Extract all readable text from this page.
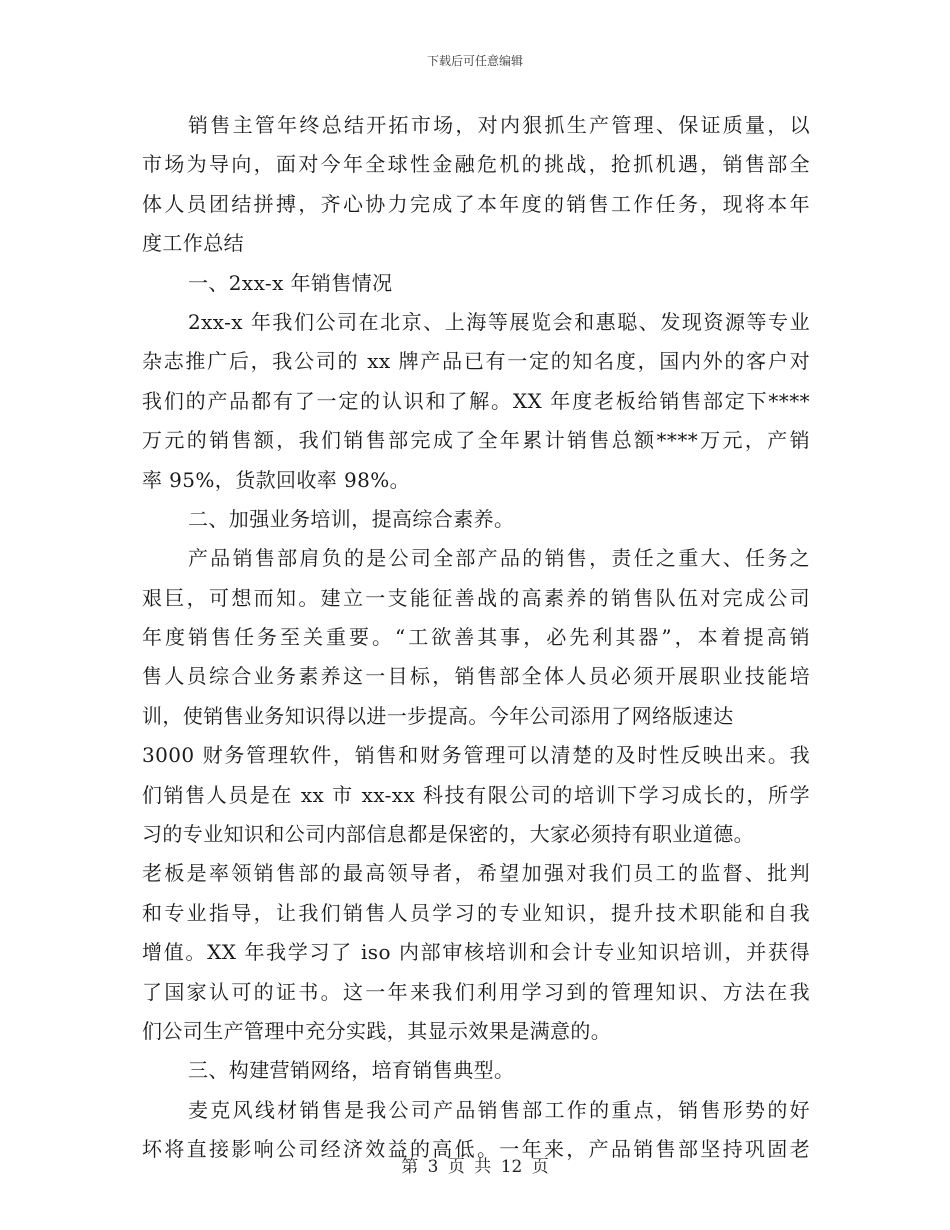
下载后可任意编辑
销售主管年终总结开拓市场，对内狠抓生产管理、保证质量，以
市场为导向，面对今年全球性金融危机的挑战，抢抓机遇，销售部全
体人员团结拼搏，齐心协力完成了本年度的销售工作任务，现将本年
度工作总结
一、2xx-x 年销售情况
2xx-x 年我们公司在北京、上海等展览会和惠聪、发现资源等专业
杂志推广后，我公司的 xx 牌产品已有一定的知名度，国内外的客户对
我们的产品都有了一定的认识和了解。XX 年度老板给销售部定下****
万元的销售额，我们销售部完成了全年累计销售总额****万元，产销
率 95%，货款回收率 98%。
二、加强业务培训，提高综合素养。
产品销售部肩负的是公司全部产品的销售，责任之重大、任务之
艰巨，可想而知。建立一支能征善战的高素养的销售队伍对完成公司
年度销售任务至关重要。“工欲善其事，必先利其器”，本着提高销
售人员综合业务素养这一目标，销售部全体人员必须开展职业技能培
训，使销售业务知识得以进一步提高。今年公司添用了网络版速达
3000 财务管理软件，销售和财务管理可以清楚的及时性反映出来。我
们销售人员是在 xx 市 xx-xx 科技有限公司的培训下学习成长的，所学
习的专业知识和公司内部信息都是保密的，大家必须持有职业道德。
老板是率领销售部的最高领导者，希望加强对我们员工的监督、批判
和专业指导，让我们销售人员学习的专业知识，提升技术职能和自我
增值。XX 年我学习了 iso 内部审核培训和会计专业知识培训，并获得
了国家认可的证书。这一年来我们利用学习到的管理知识、方法在我
们公司生产管理中充分实践，其显示效果是满意的。
三、构建营销网络，培育销售典型。
麦克风线材销售是我公司产品销售部工作的重点，销售形势的好
坏将直接影响公司经济效益的高低。一年来，产品销售部坚持巩固老
第 3 页 共 12 页
